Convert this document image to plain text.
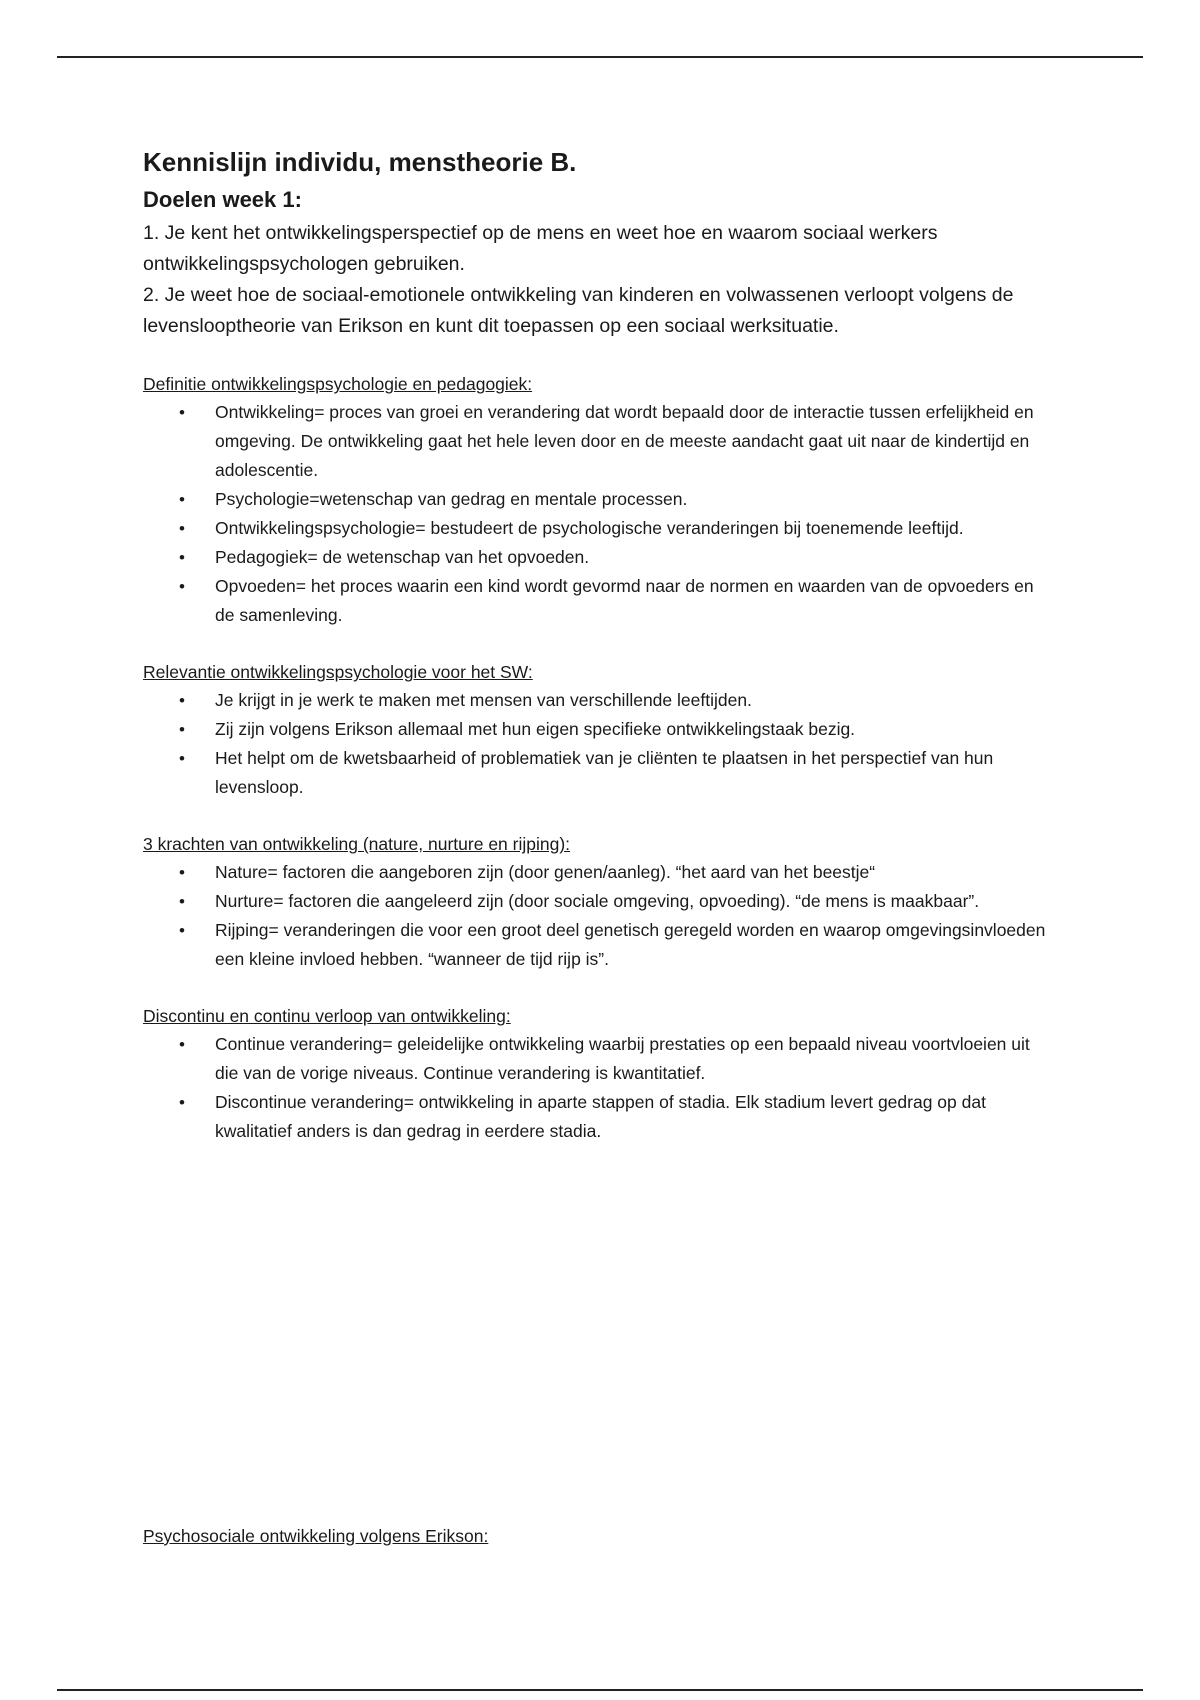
Kennislijn individu, menstheorie B.
Doelen week 1:

1. Je kent het ontwikkelingsperspectief op de mens en weet hoe en waarom sociaal werkers ontwikkelingspsychologen gebruiken.

2. Je weet hoe de sociaal-emotionele ontwikkeling van kinderen en volwassenen verloopt volgens de levenslooptheorie van Erikson en kunt dit toepassen op een sociaal werksituatie.

Definitie ontwikkelingspsychologie en pedagogiek:

• Ontwikkeling= proces van groei en verandering dat wordt bepaald door de interactie tussen erfelijkheid en omgeving. De ontwikkeling gaat het hele leven door en de meeste aandacht gaat uit naar de kindertijd en adolescentie.
• Psychologie=wetenschap van gedrag en mentale processen.
• Ontwikkelingspsychologie= bestudeert de psychologische veranderingen bij toenemende leeftijd.
• Pedagogiek= de wetenschap van het opvoeden.
• Opvoeden= het proces waarin een kind wordt gevormd naar de normen en waarden van de opvoeders en de samenleving.

Relevantie ontwikkelingspsychologie voor het SW:

• Je krijgt in je werk te maken met mensen van verschillende leeftijden.
• Zij zijn volgens Erikson allemaal met hun eigen specifieke ontwikkelingstaak bezig.
• Het helpt om de kwetsbaarheid of problematiek van je cliënten te plaatsen in het perspectief van hun levensloop.

3 krachten van ontwikkeling (nature, nurture en rijping):

• Nature= factoren die aangeboren zijn (door genen/aanleg). “het aard van het beestje“
• Nurture= factoren die aangeleerd zijn (door sociale omgeving, opvoeding). “de mens is maakbaar”.
• Rijping= veranderingen die voor een groot deel genetisch geregeld worden en waarop omgevingsinvloeden een kleine invloed hebben. “wanneer de tijd rijp is”.

Discontinu en continu verloop van ontwikkeling:

• Continue verandering= geleidelijke ontwikkeling waarbij prestaties op een bepaald niveau voortvloeien uit die van de vorige niveaus. Continue verandering is kwantitatief.
• Discontinue verandering= ontwikkeling in aparte stappen of stadia. Elk stadium levert gedrag op dat kwalitatief anders is dan gedrag in eerdere stadia.

Psychosociale ontwikkeling volgens Erikson:
